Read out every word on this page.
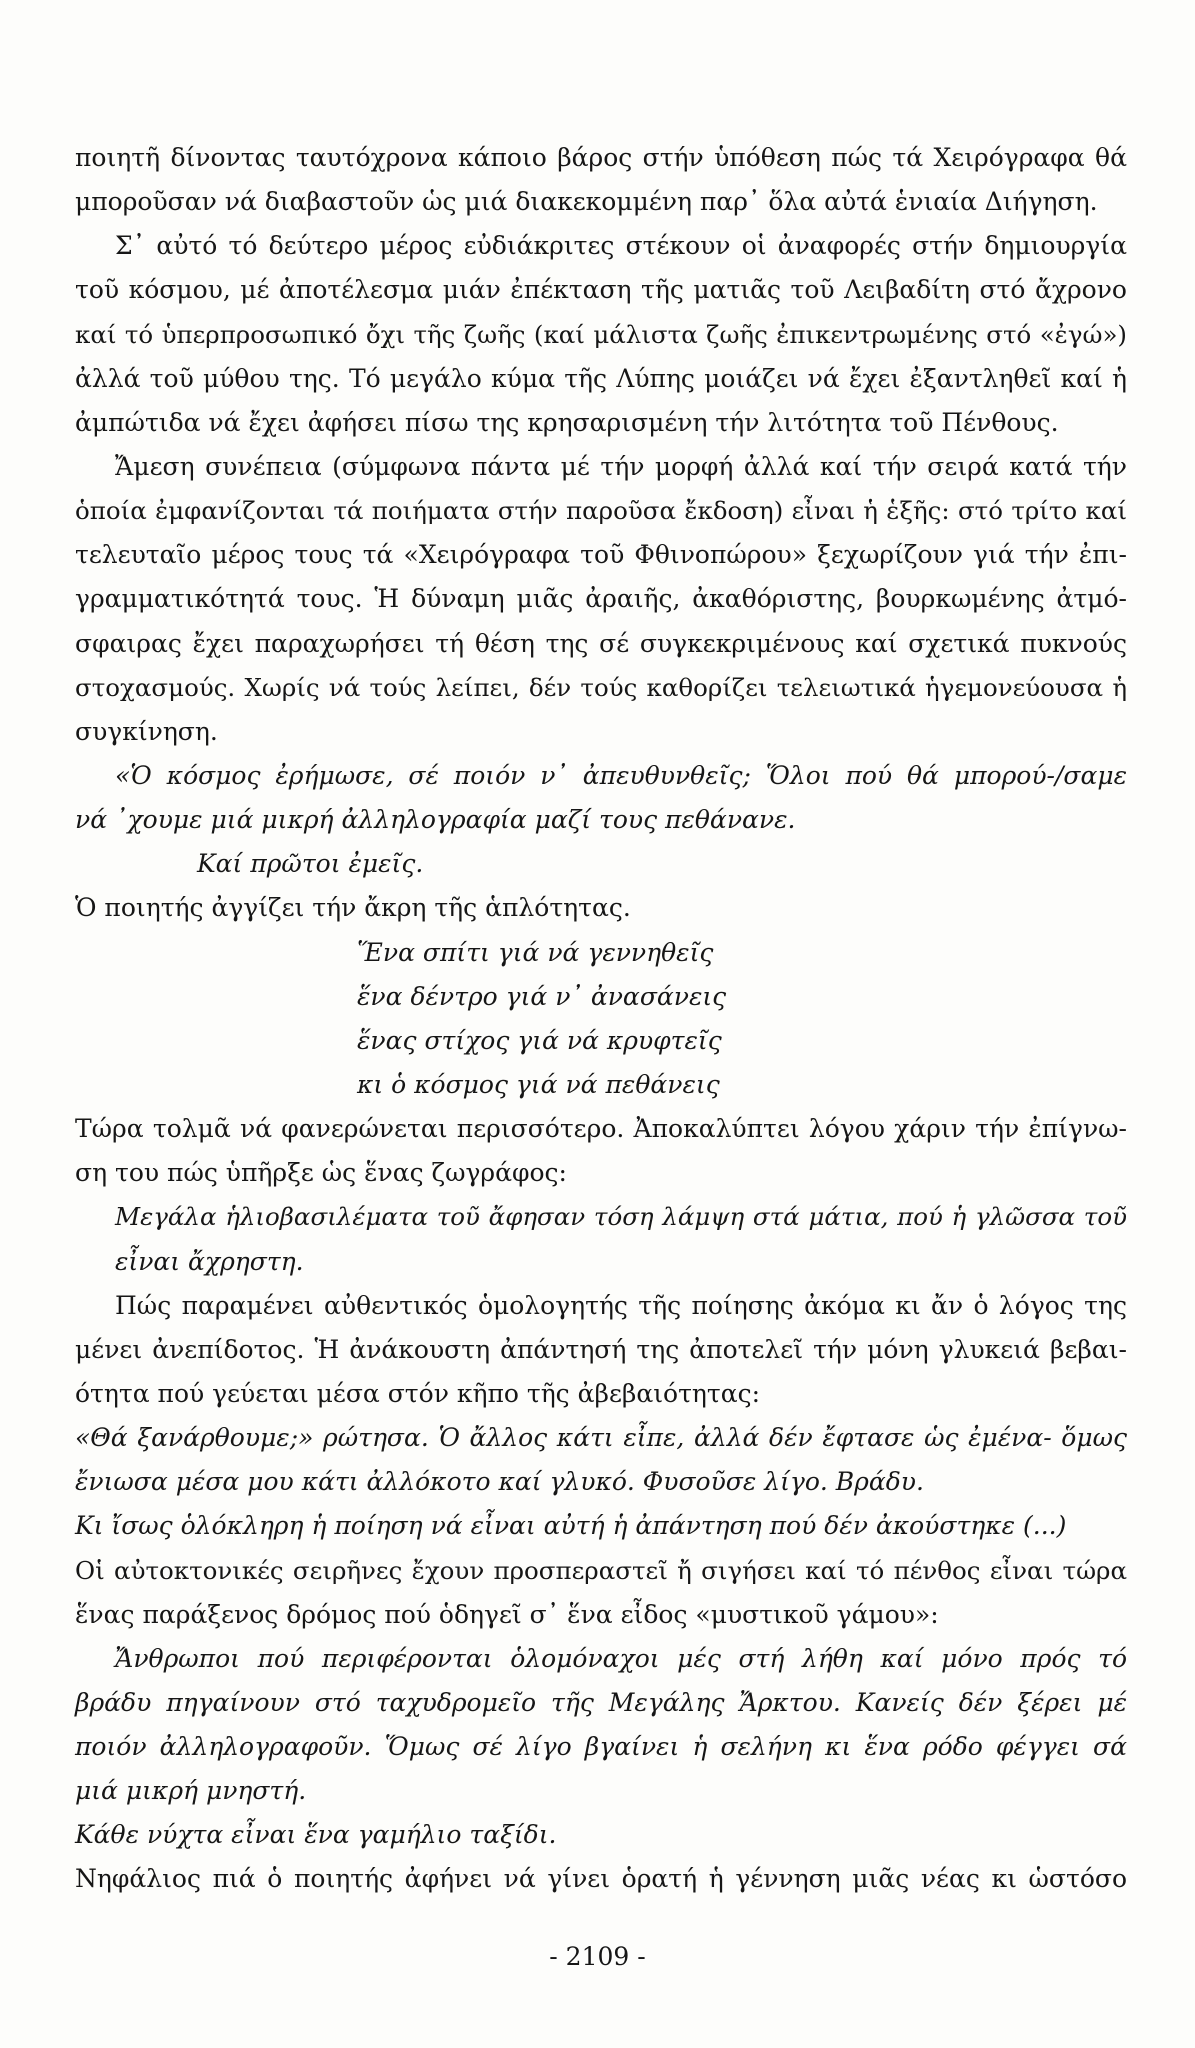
ποιητῆ δίνοντας ταυτόχρονα κάποιο βάρος στήν ὑπόθεση πώς τά Χειρόγραφα θά
μποροῦσαν νά διαβαστοῦν ὡς μιά διακεκομμένη παρ᾽ ὅλα αὐτά ἑνιαία Διήγηση.
Σ᾽ αὐτό τό δεύτερο μέρος εὐδιάκριτες στέκουν οἱ ἀναφορές στήν δημιουργία
τοῦ κόσμου, μέ ἀποτέλεσμα μιάν ἐπέκταση τῆς ματιᾶς τοῦ Λειβαδίτη στό ἄχρονο
καί τό ὑπερπροσωπικό ὄχι τῆς ζωῆς (καί μάλιστα ζωῆς ἐπικεντρωμένης στό «ἐγώ»)
ἀλλά τοῦ μύθου της. Τό μεγάλο κύμα τῆς Λύπης μοιάζει νά ἔχει ἐξαντληθεῖ καί ἡ
ἀμπώτιδα νά ἔχει ἀφήσει πίσω της κρησαρισμένη τήν λιτότητα τοῦ Πένθους.
Ἄμεση συνέπεια (σύμφωνα πάντα μέ τήν μορφή ἀλλά καί τήν σειρά κατά τήν
ὁποία ἐμφανίζονται τά ποιήματα στήν παροῦσα ἔκδοση) εἶναι ἡ ἑξῆς: στό τρίτο καί
τελευταῖο μέρος τους τά «Χειρόγραφα τοῦ Φθινοπώρου» ξεχωρίζουν γιά τήν ἐπι-
γραμματικότητά τους. Ἡ δύναμη μιᾶς ἀραιῆς, ἀκαθόριστης, βουρκωμένης ἀτμό-
σφαιρας ἔχει παραχωρήσει τή θέση της σέ συγκεκριμένους καί σχετικά πυκνούς
στοχασμούς. Χωρίς νά τούς λείπει, δέν τούς καθορίζει τελειωτικά ἡγεμονεύουσα ἡ
συγκίνηση.
«Ὁ κόσμος ἐρήμωσε, σέ ποιόν ν᾽ ἀπευθυνθεῖς; Ὅλοι πού θά μπορού-/σαμε
νά ᾽χουμε μιά μικρή ἀλληλογραφία μαζί τους πεθάνανε.
Καί πρῶτοι ἐμεῖς.
Ὁ ποιητής ἀγγίζει τήν ἄκρη τῆς ἁπλότητας.
Ἕνα σπίτι γιά νά γεννηθεῖς
ἕνα δέντρο γιά ν᾽ ἀνασάνεις
ἕνας στίχος γιά νά κρυφτεῖς
κι ὁ κόσμος γιά νά πεθάνεις
Τώρα τολμᾶ νά φανερώνεται περισσότερο. Ἀποκαλύπτει λόγου χάριν τήν ἐπίγνω-
ση του πώς ὑπῆρξε ὡς ἕνας ζωγράφος:
Μεγάλα ἡλιοβασιλέματα τοῦ ἄφησαν τόση λάμψη στά μάτια, πού ἡ γλῶσσα τοῦ
εἶναι ἄχρηστη.
Πώς παραμένει αὐθεντικός ὁμολογητής τῆς ποίησης ἀκόμα κι ἄν ὁ λόγος της
μένει ἀνεπίδοτος. Ἡ ἀνάκουστη ἀπάντησή της ἀποτελεῖ τήν μόνη γλυκειά βεβαι-
ότητα πού γεύεται μέσα στόν κῆπο τῆς ἀβεβαιότητας:
«Θά ξανάρθουμε;» ρώτησα. Ὁ ἄλλος κάτι εἶπε, ἀλλά δέν ἔφτασε ὡς ἐμένα- ὅμως
ἔνιωσα μέσα μου κάτι ἀλλόκοτο καί γλυκό. Φυσοῦσε λίγο. Βράδυ.
Κι ἴσως ὁλόκληρη ἡ ποίηση νά εἶναι αὐτή ἡ ἀπάντηση πού δέν ἀκούστηκε (...)
Οἱ αὐτοκτονικές σειρῆνες ἔχουν προσπεραστεῖ ἤ σιγήσει καί τό πένθος εἶναι τώρα
ἕνας παράξενος δρόμος πού ὁδηγεῖ σ᾽ ἕνα εἶδος «μυστικοῦ γάμου»:
Ἄνθρωποι πού περιφέρονται ὁλομόναχοι μές στή λήθη καί μόνο πρός τό
βράδυ πηγαίνουν στό ταχυδρομεῖο τῆς Μεγάλης Ἄρκτου. Κανείς δέν ξέρει μέ
ποιόν ἀλληλογραφοῦν. Ὅμως σέ λίγο βγαίνει ἡ σελήνη κι ἕνα ρόδο φέγγει σά
μιά μικρή μνηστή.
Κάθε νύχτα εἶναι ἕνα γαμήλιο ταξίδι.
Νηφάλιος πιά ὁ ποιητής ἀφήνει νά γίνει ὁρατή ἡ γέννηση μιᾶς νέας κι ὡστόσο
- 2109 -
